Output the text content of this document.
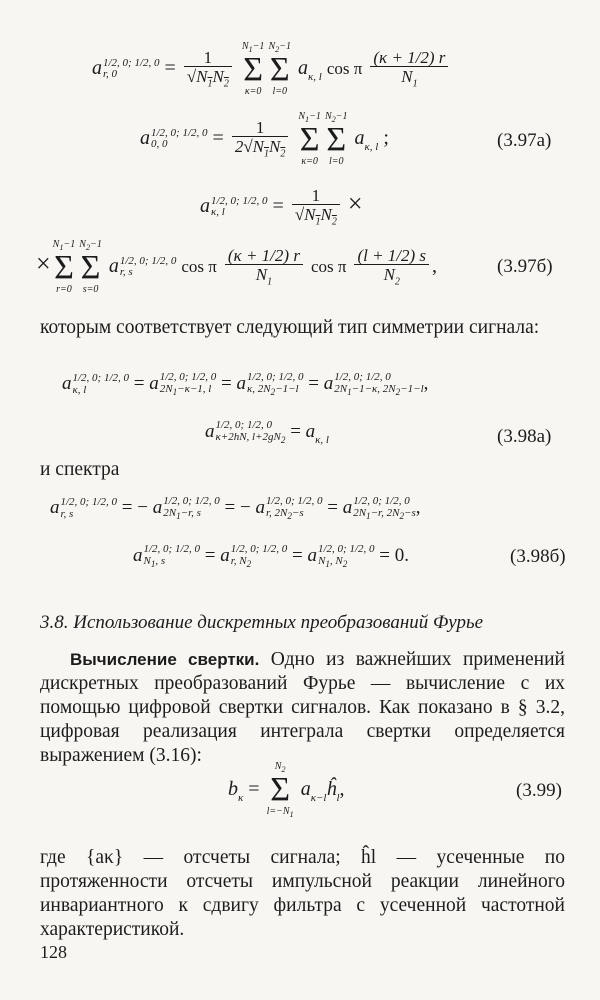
a 1/2, 0; 1/2, 0
r, 0	= $\frac{1}{√N_1N_2}$

$N_1-1$
Σ
κ=0
$N_2-1$
Σ
l=0
$a_{\kappa, l}$ cos π $\frac{(\kappa + 1/2) r}{N_1}$
a 1/2, 0; 1/2, 0
0, 0	= $\frac{1}{2√N_1N_2}$

$N_1-1$
Σ
κ=0
$N_2-1$
Σ
l=0
$a_{\kappa, l}$ ;	(3.97а)
a 1/2, 0; 1/2, 0
κ, l	= $\frac{1}{√N_1N_2}$ ×
×
$N_1-1$
Σ
r=0
$N_2-1$
Σ
s=0
a 1/2, 0; 1/2, 0
r, s	cos π $\frac{(\kappa + 1/2) r}{N_1}$ cos π $\frac{(l + 1/2) s}{N_2}$ ,	(3.97б)
которым соответствует следующий тип симметрии сигнала:
a 1/2, 0; 1/2, 0
κ, l	= a 1/2, 0; 1/2, 0
$2N_1-\kappa-1$, l = a 1/2, 0; 1/2, 0
κ, $2N_2-1-l = a$ 1/2, 0; 1/2, 0
$2N_1-1-\kappa$, $2N_2-1-l$ ,
a 1/2, 0; 1/2, 0
κ+2hN, $l+2gN_2 = a_{\kappa, l}$	(3.98а)
и спектра
a 1/2, 0; 1/2, 0
r, s	= − a 1/2, 0; 1/2, 0
$2N_1-r$, s	= − a 1/2, 0; 1/2, 0
r, $2N_2-s$	= a 1/2, 0; 1/2, 0
$2N_1-r$, $2N_2-s$ ,
a 1/2, 0; 1/2, 0
$N_1$, s	= a 1/2, 0; 1/2, 0
r, $N_2$	= a 1/2, 0; 1/2, 0
$N_1$, $N_2$	= 0.	(3.98б)
3.8. Использование дискретных преобразований Фурье
Вычисление свертки. Одно из важнейших применений дискретных преобразований Фурье — вычисление с их помощью цифровой свертки сигналов. Как показано в § 3.2, цифровая реализация интеграла свертки определяется выражением (3.16):
$b_\kappa$ =
$N_2$
Σ
$l=-N_1$
$a_{\kappa-l}ĥ_l$,	(3.99)
где {aκ} — отсчеты сигнала; ĥl — усеченные по протяженности отсчеты импульсной реакции линейного инвариантного к сдвигу фильтра с усеченной частотной характеристикой.
128
